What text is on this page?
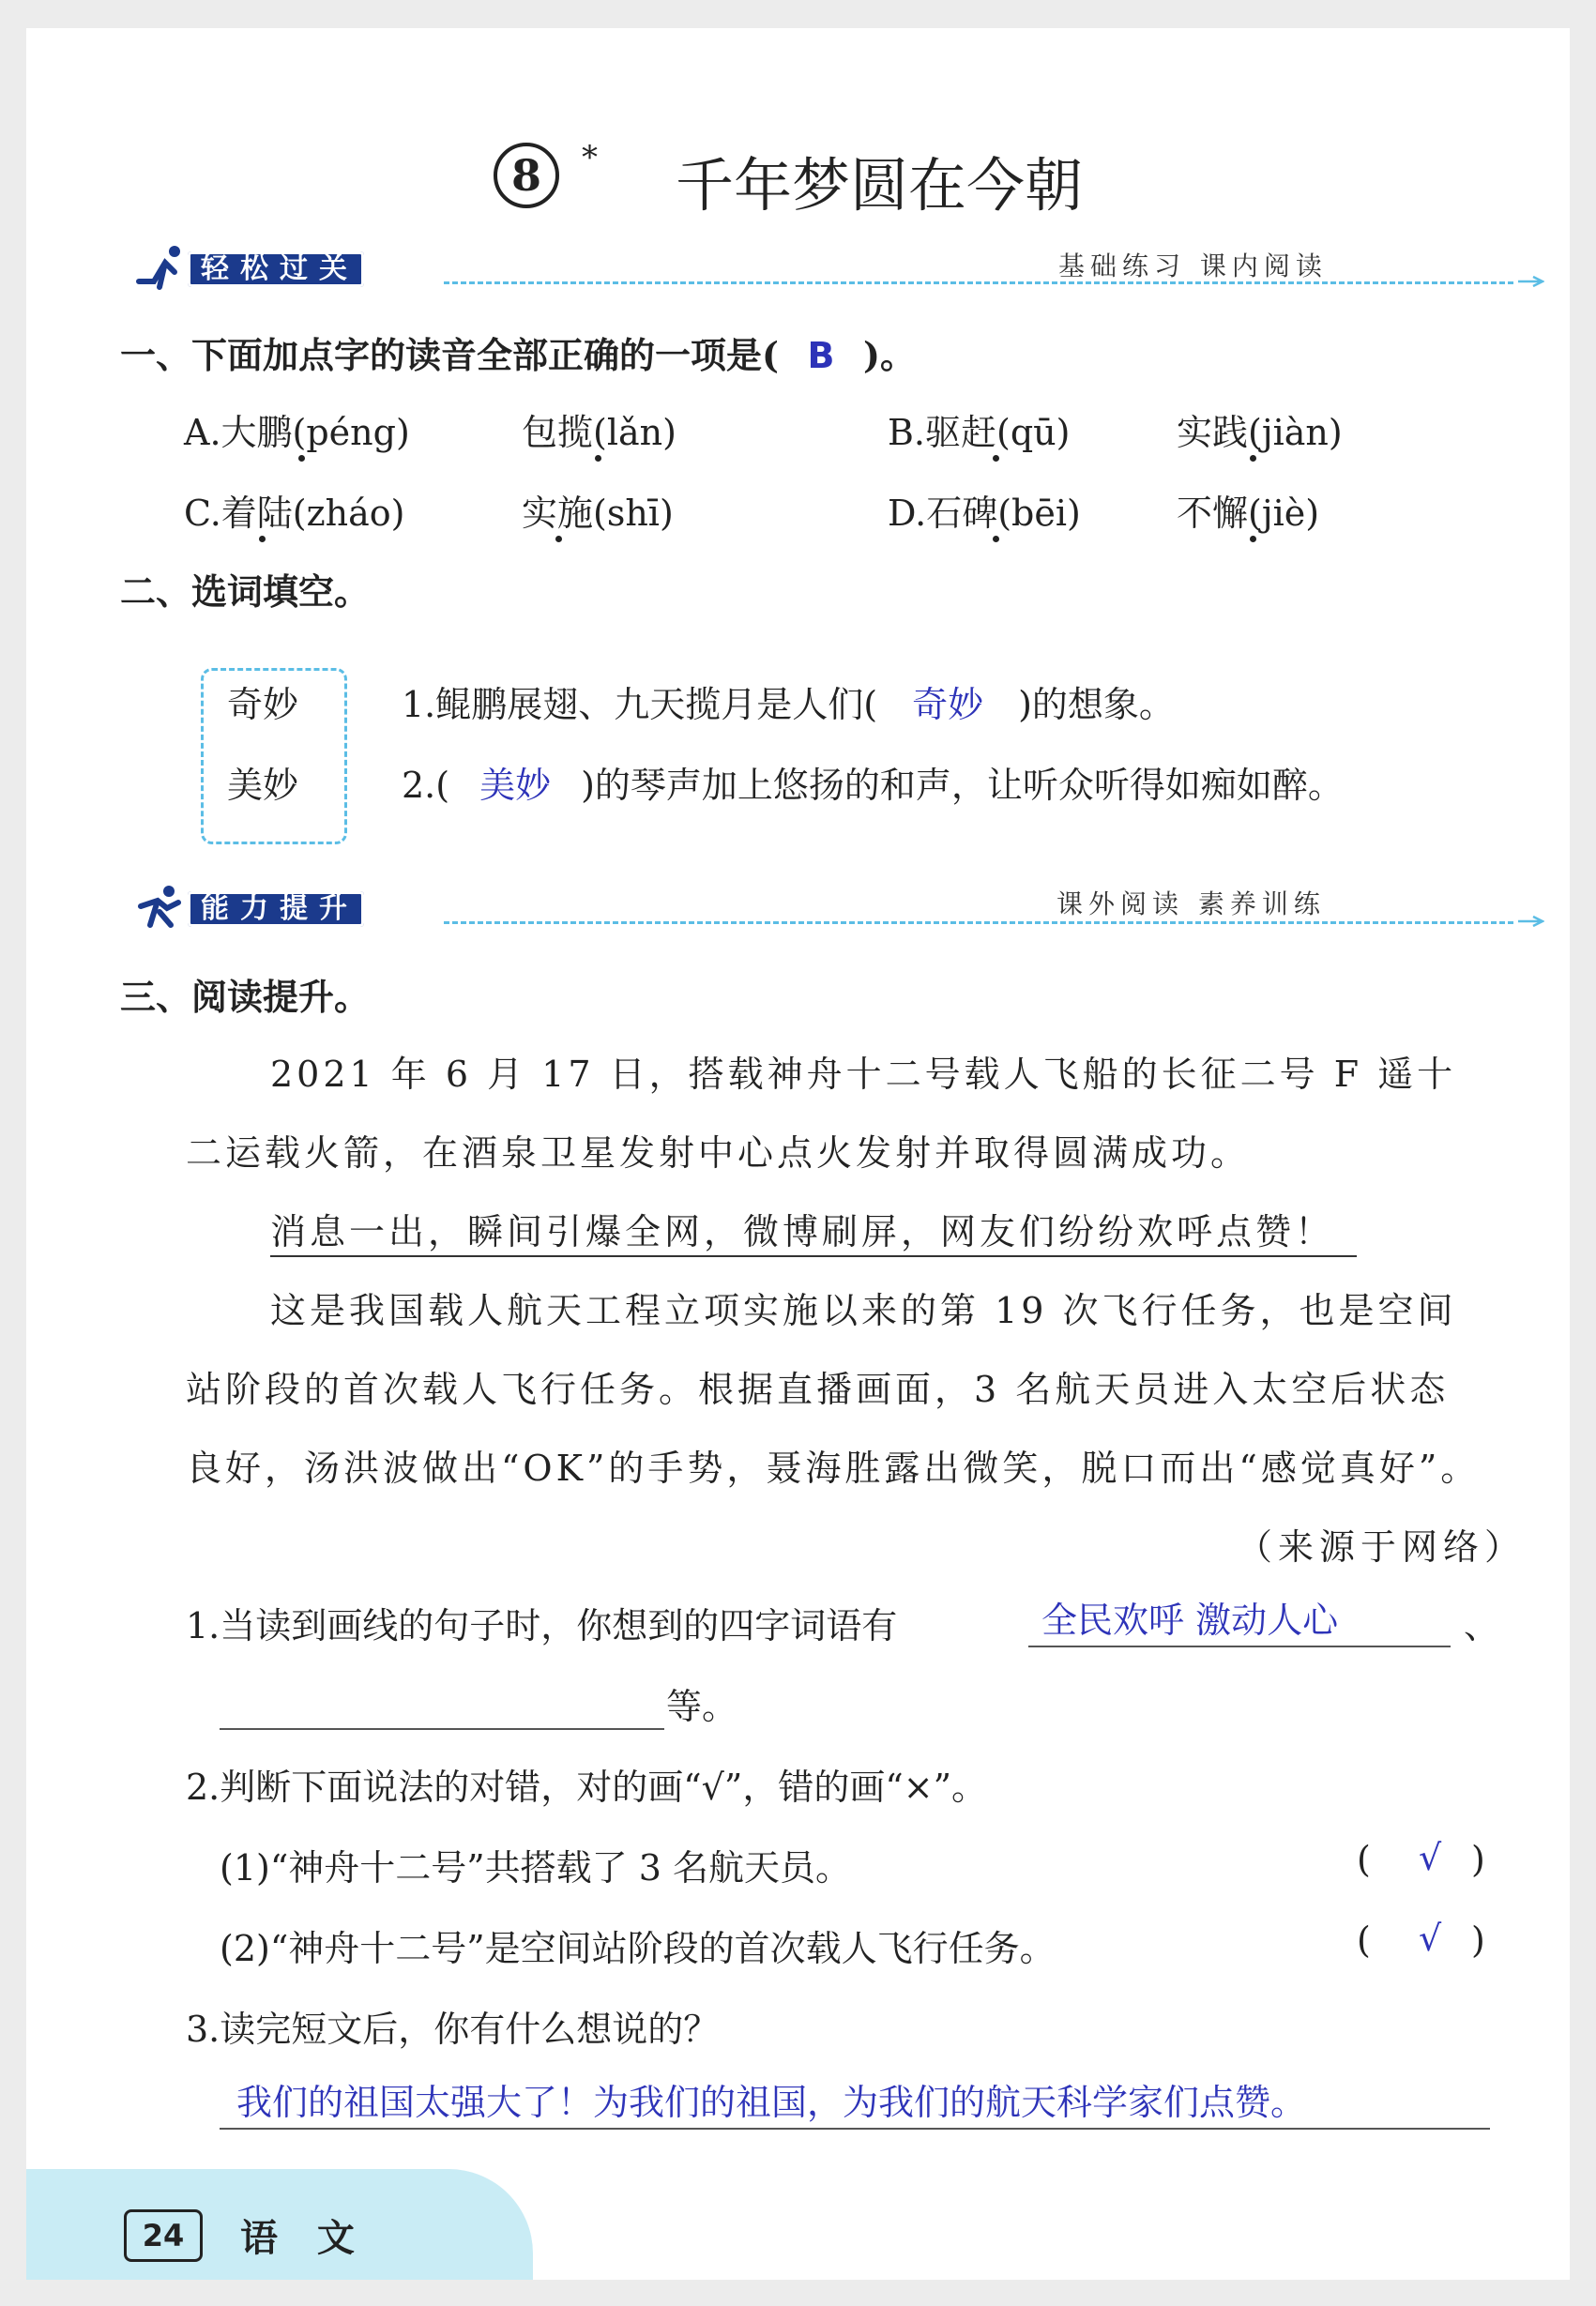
8	* 千年梦圆在今朝
轻松过关	基础练习 课内阅读
一、下面加点字的读音全部正确的一项是( B )。
A.大鹏(péng)	包揽(lǎn)	B.驱赶(qū)	实践(jiàn)
C.着陆(zháo)	实施(shī)	D.石碑(bēi)	不懈(jiè)
二、选词填空。
奇妙
美妙
1.鲲鹏展翅、九天揽月是人们( 奇妙 )的想象。
2.( 美妙 )的琴声加上悠扬的和声，让听众听得如痴如醉。
能力提升	课外阅读 素养训练
三、阅读提升。
2021 年 6 月 17 日，搭载神舟十二号载人飞船的长征二号 F 遥十
二运载火箭，在酒泉卫星发射中心点火发射并取得圆满成功。
消息一出，瞬间引爆全网，微博刷屏，网友们纷纷欢呼点赞！
这是我国载人航天工程立项实施以来的第 19 次飞行任务，也是空间
站阶段的首次载人飞行任务。根据直播画面，3 名航天员进入太空后状态
良好，汤洪波做出“OK”的手势，聂海胜露出微笑，脱口而出“感觉真好”。
（来源于网络）
1.当读到画线的句子时，你想到的四字词语有	全民欢呼 激动人心	、
等。
2.判断下面说法的对错，对的画“√”，错的画“×”。
(1)“神舟十二号”共搭载了 3 名航天员。	( √ )
(2)“神舟十二号”是空间站阶段的首次载人飞行任务。	( √ )
3.读完短文后，你有什么想说的？
我们的祖国太强大了！为我们的祖国，为我们的航天科学家们点赞。
24	语 文
